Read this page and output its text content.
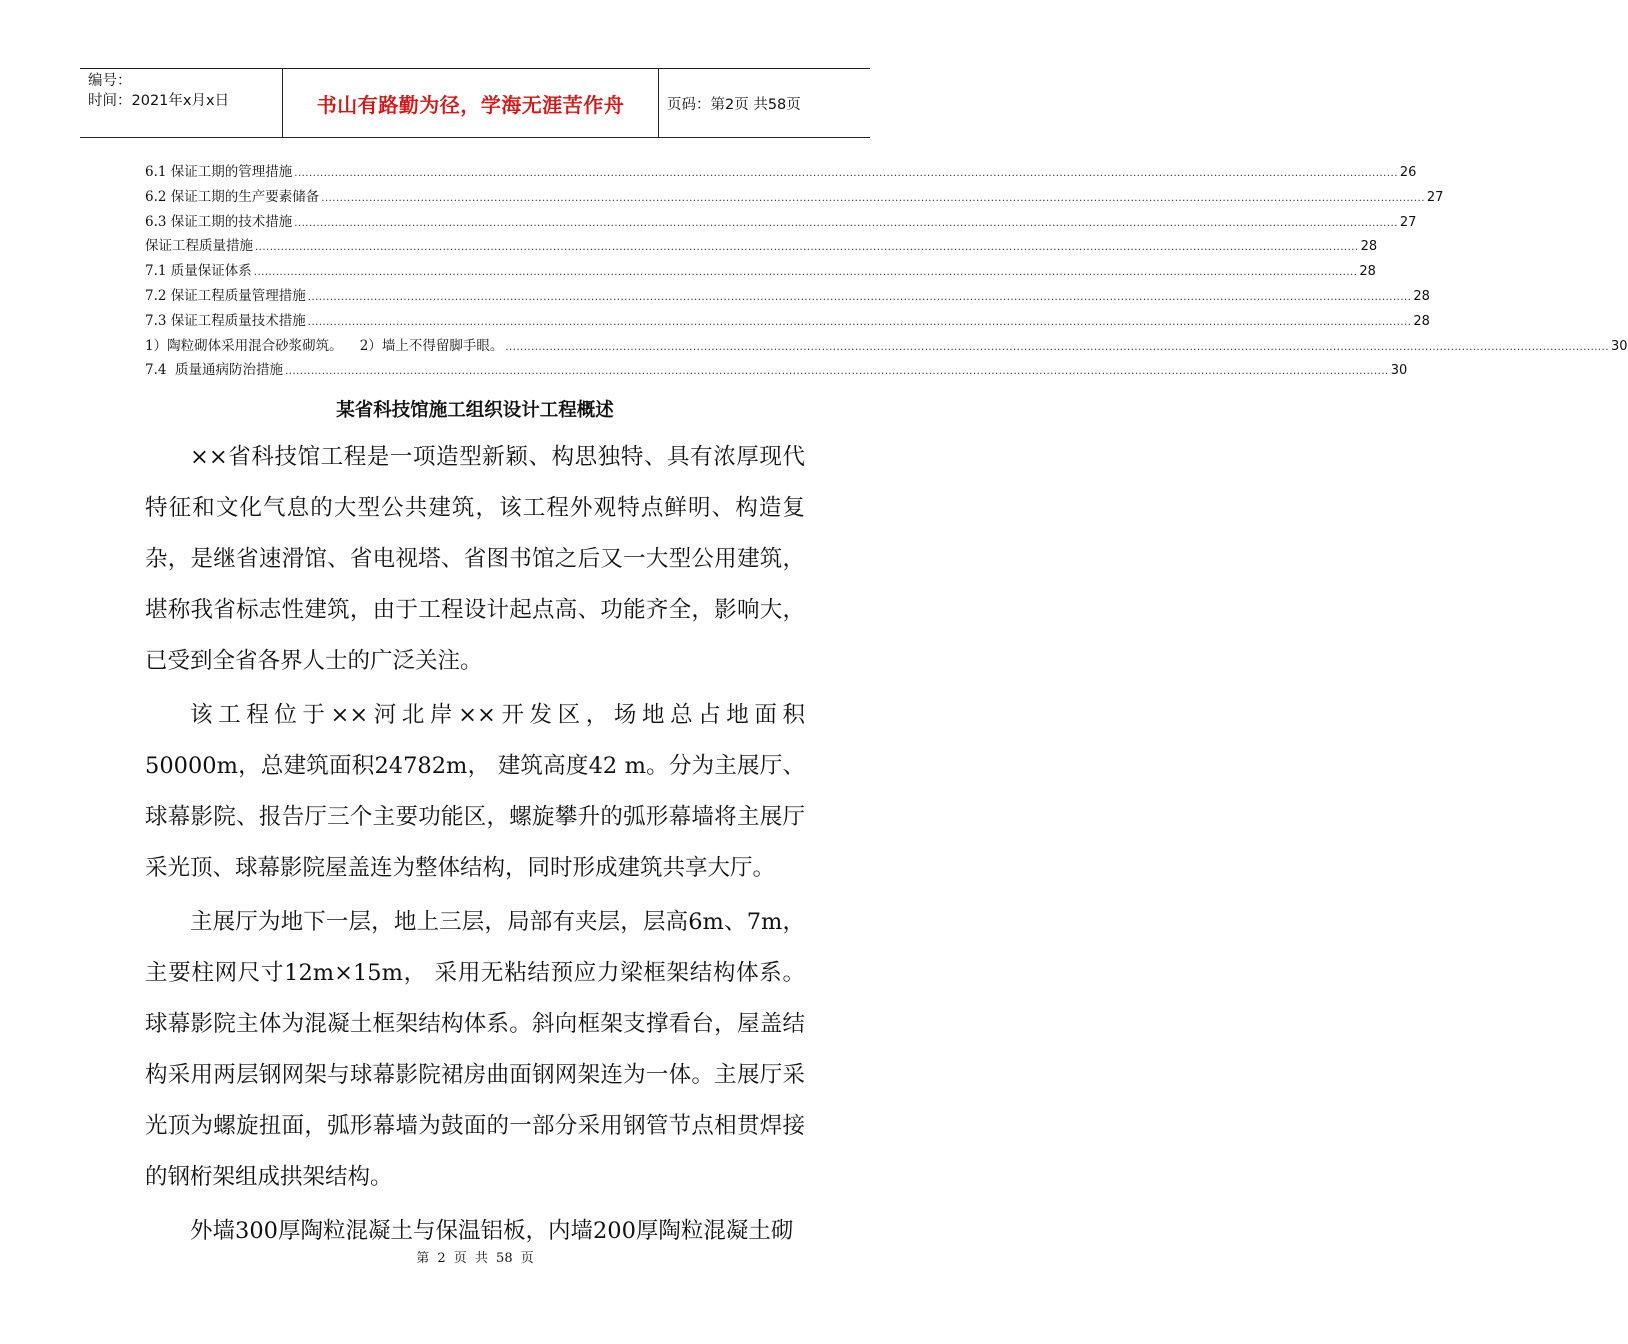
编号：
时间：2021年x月x日	书山有路勤为径，学海无涯苦作舟	页码：第2页 共58页
6.1 保证工期的管理措施 ............................................................................................................................................................................................................................................................................................................ 26
6.2 保证工期的生产要素储备 ............................................................................................................................................................................................................................................................................................................ 27
6.3 保证工期的技术措施 ............................................................................................................................................................................................................................................................................................................ 27
保证工程质量措施 ............................................................................................................................................................................................................................................................................................................ 28
7.1 质量保证体系 ............................................................................................................................................................................................................................................................................................................ 28
7.2 保证工程质量管理措施 ............................................................................................................................................................................................................................................................................................................ 28
7.3 保证工程质量技术措施 ............................................................................................................................................................................................................................................................................................................ 28
1）陶粒砌体采用混合砂浆砌筑。    2）墙上不得留脚手眼。 ............................................................................................................................................................................................................................................................................................................ 30
7.4  质量通病防治措施 ............................................................................................................................................................................................................................................................................................................ 30
某省科技馆施工组织设计工程概述

××省科技馆工程是一项造型新颖、构思独特、具有浓厚现代特征和文化气息的大型公共建筑，该工程外观特点鲜明、构造复杂，是继省速滑馆、省电视塔、省图书馆之后又一大型公用建筑，堪称我省标志性建筑，由于工程设计起点高、功能齐全，影响大，已受到全省各界人士的广泛关注。

该工程位于××河北岸××开发区，场地总占地面积50000m，总建筑面积24782m， 建筑高度42 m。分为主展厅、球幕影院、报告厅三个主要功能区，螺旋攀升的弧形幕墙将主展厅采光顶、球幕影院屋盖连为整体结构，同时形成建筑共享大厅。

主展厅为地下一层，地上三层，局部有夹层，层高6m、7m，主要柱网尺寸12m×15m， 采用无粘结预应力梁框架结构体系。球幕影院主体为混凝土框架结构体系。斜向框架支撑看台，屋盖结构采用两层钢网架与球幕影院裙房曲面钢网架连为一体。主展厅采光顶为螺旋扭面，弧形幕墙为鼓面的一部分采用钢管节点相贯焊接的钢桁架组成拱架结构。

外墙300厚陶粒混凝土与保温铝板，内墙200厚陶粒混凝土砌

第 2 页 共 58 页
